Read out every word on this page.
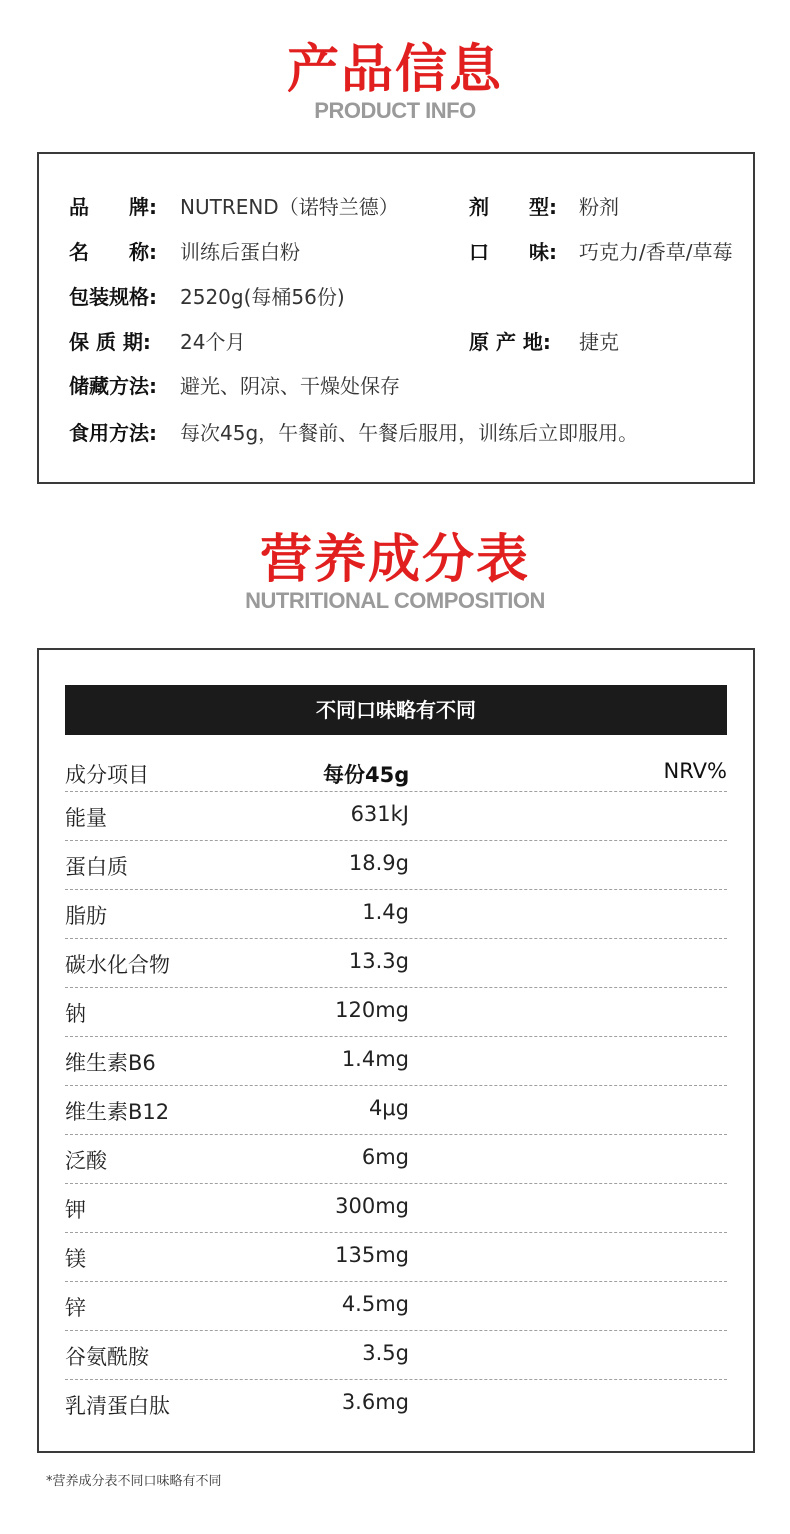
产品信息
PRODUCT INFO
品　　牌: NUTREND（诺特兰德）	剂　　型: 粉剂
名　　称: 训练后蛋白粉	口　　味: 巧克力/香草/草莓
包装规格: 2520g(每桶56份)
保 质 期: 24个月	原 产 地: 捷克
储藏方法: 避光、阴凉、干燥处保存
食用方法: 每次45g，午餐前、午餐后服用，训练后立即服用。
营养成分表
NUTRITIONAL COMPOSITION
不同口味略有不同
成分项目	每份45g	NRV%
能量	631kJ
蛋白质	18.9g
脂肪	1.4g
碳水化合物	13.3g
钠	120mg
维生素B6	1.4mg
维生素B12	4μg
泛酸	6mg
钾	300mg
镁	135mg
锌	4.5mg
谷氨酰胺	3.5g
乳清蛋白肽	3.6mg
*营养成分表不同口味略有不同
